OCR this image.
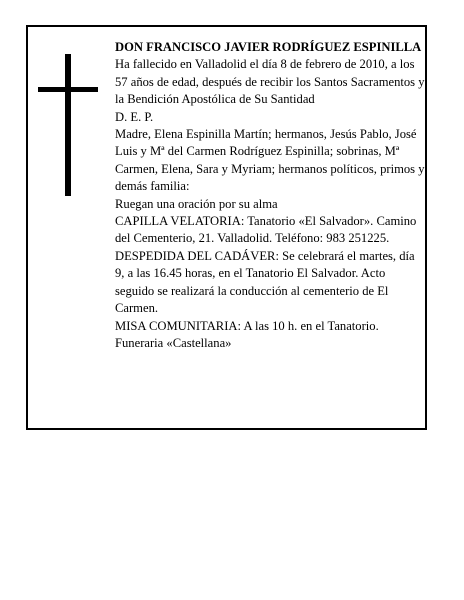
DON FRANCISCO JAVIER RODRÍGUEZ ESPINILLA

Ha fallecido en Valladolid el día 8 de febrero de 2010, a los 57 años de edad, después de recibir los Santos Sacramentos y la Bendición Apostólica de Su Santidad

D. E. P.

Madre, Elena Espinilla Martín; hermanos, Jesús Pablo, José Luis y Mª del Carmen Rodríguez Espinilla; sobrinas, Mª Carmen, Elena, Sara y Myriam; hermanos políticos, primos y demás familia:

Ruegan una oración por su alma

CAPILLA VELATORIA: Tanatorio «El Salvador». Camino del Cementerio, 21. Valladolid. Teléfono: 983 251225.

DESPEDIDA DEL CADÁVER: Se celebrará el martes, día 9, a las 16.45 horas, en el Tanatorio El Salvador. Acto seguido se realizará la conducción al cementerio de El Carmen.

MISA COMUNITARIA: A las 10 h. en el Tanatorio.

Funeraria «Castellana»
